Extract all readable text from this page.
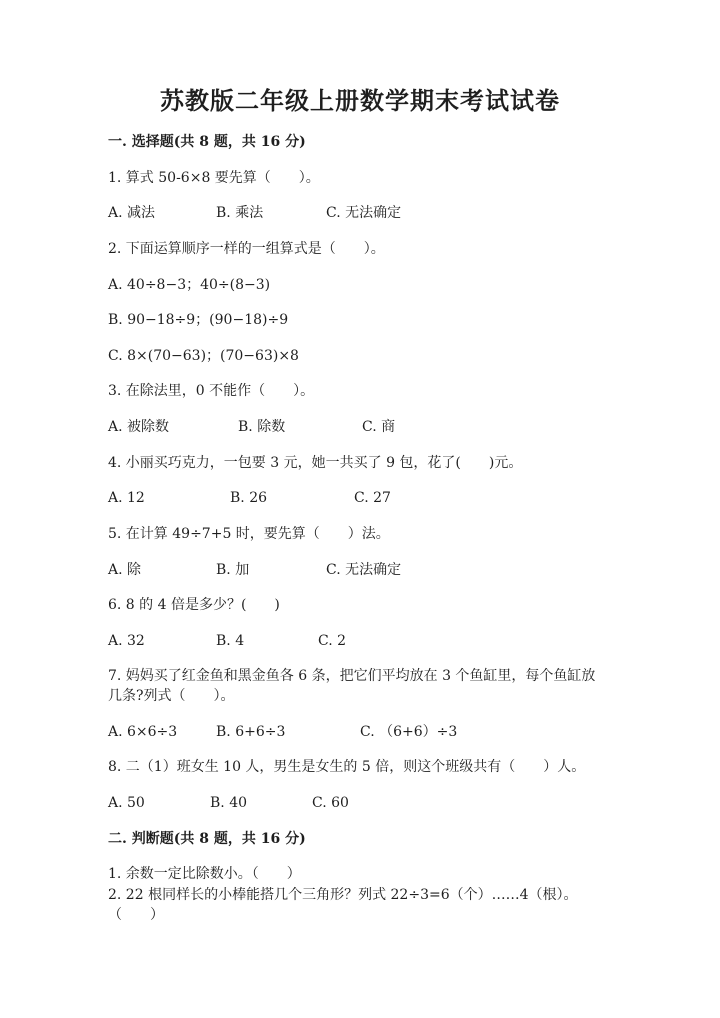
苏教版二年级上册数学期末考试试卷
一. 选择题(共 8 题，共 16 分)
1. 算式 50-6×8 要先算（　　）。
A. 减法	B. 乘法	C. 无法确定
2. 下面运算顺序一样的一组算式是（　　）。
A. 40÷8−3；40÷(8−3)
B. 90−18÷9；(90−18)÷9
C. 8×(70−63)；(70−63)×8
3. 在除法里，0 不能作（　　）。
A. 被除数	B. 除数	C. 商
4. 小丽买巧克力，一包要 3 元，她一共买了 9 包，花了(　　)元。
A. 12	B. 26	C. 27
5. 在计算 49÷7+5 时，要先算（　　）法。
A. 除	B. 加	C. 无法确定
6. 8 的 4 倍是多少？(　　)
A. 32	B. 4	C. 2
7. 妈妈买了红金鱼和黑金鱼各 6 条，把它们平均放在 3 个鱼缸里，每个鱼缸放
几条?列式（　　）。
A. 6×6÷3	B. 6+6÷3	C. （6+6）÷3
8. 二（1）班女生 10 人，男生是女生的 5 倍，则这个班级共有（　　）人。
A. 50	B. 40	C. 60
二. 判断题(共 8 题，共 16 分)
1. 余数一定比除数小。（　　）
2. 22 根同样长的小棒能搭几个三角形？列式 22÷3=6（个）……4（根）。
（　　）
